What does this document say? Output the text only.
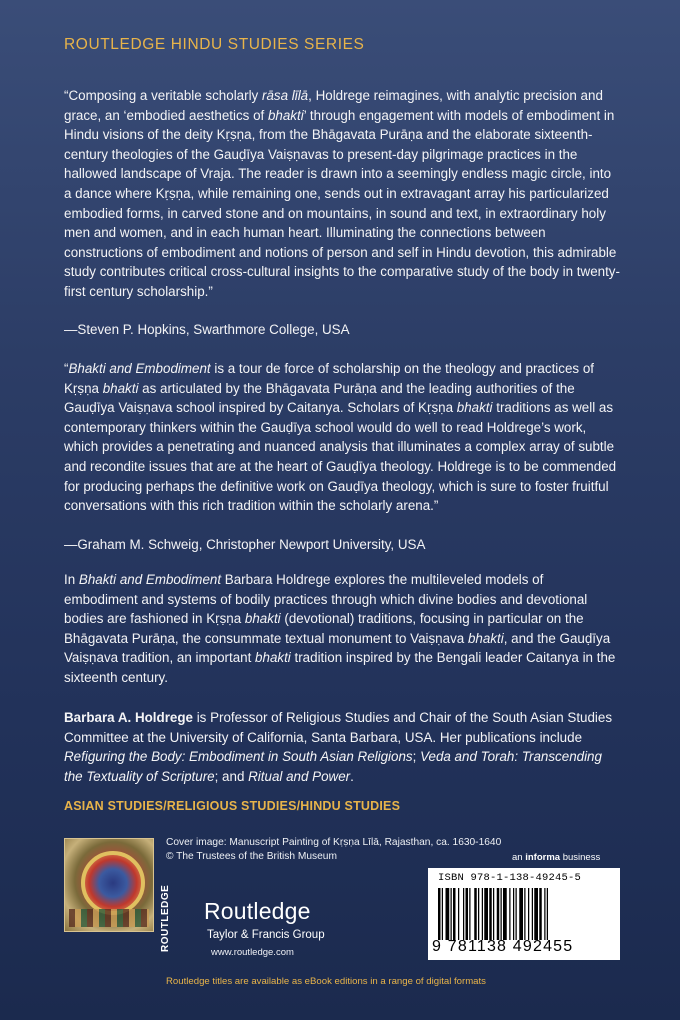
ROUTLEDGE HINDU STUDIES SERIES

“Composing a veritable scholarly rāsa līlā, Holdrege reimagines, with analytic precision and grace, an ‘embodied aesthetics of bhakti’ through engagement with models of embodiment in Hindu visions of the deity Kṛṣṇa, from the Bhāgavata Purāṇa and the elaborate sixteenth-century theologies of the Gauḍīya Vaiṣṇavas to present-day pilgrimage practices in the hallowed landscape of Vraja. The reader is drawn into a seemingly endless magic circle, into a dance where Kṛṣṇa, while remaining one, sends out in extravagant array his particularized embodied forms, in carved stone and on mountains, in sound and text, in extraordinary holy men and women, and in each human heart. Illuminating the connections between constructions of embodiment and notions of person and self in Hindu devotion, this admirable study contributes critical cross-cultural insights to the comparative study of the body in twenty-first century scholarship.”

—Steven P. Hopkins, Swarthmore College, USA

“Bhakti and Embodiment is a tour de force of scholarship on the theology and practices of Kṛṣṇa bhakti as articulated by the Bhāgavata Purāṇa and the leading authorities of the Gauḍīya Vaiṣṇava school inspired by Caitanya. Scholars of Kṛṣṇa bhakti traditions as well as contemporary thinkers within the Gauḍīya school would do well to read Holdrege’s work, which provides a penetrating and nuanced analysis that illuminates a complex array of subtle and recondite issues that are at the heart of Gauḍīya theology. Holdrege is to be commended for producing perhaps the definitive work on Gauḍīya theology, which is sure to foster fruitful conversations with this rich tradition within the scholarly arena.”

—Graham M. Schweig, Christopher Newport University, USA

In Bhakti and Embodiment Barbara Holdrege explores the multileveled models of embodiment and systems of bodily practices through which divine bodies and devotional bodies are fashioned in Kṛṣṇa bhakti (devotional) traditions, focusing in particular on the Bhāgavata Purāṇa, the consummate textual monument to Vaiṣṇava bhakti, and the Gauḍīya Vaiṣṇava tradition, an important bhakti tradition inspired by the Bengali leader Caitanya in the sixteenth century.

Barbara A. Holdrege is Professor of Religious Studies and Chair of the South Asian Studies Committee at the University of California, Santa Barbara, USA. Her publications include Refiguring the Body: Embodiment in South Asian Religions; Veda and Torah: Transcending the Textuality of Scripture; and Ritual and Power.

ASIAN STUDIES/RELIGIOUS STUDIES/HINDU STUDIES
Cover image: Manuscript Painting of Kṛṣṇa Līlā, Rajasthan, ca. 1630-1640
© The Trustees of the British Museum	an informa business
ISBN 978-1-138-49245-5
9 781138 492455
ROUTLEDGE Routledge
Taylor & Francis Group
www.routledge.com
Routledge titles are available as eBook editions in a range of digital formats
